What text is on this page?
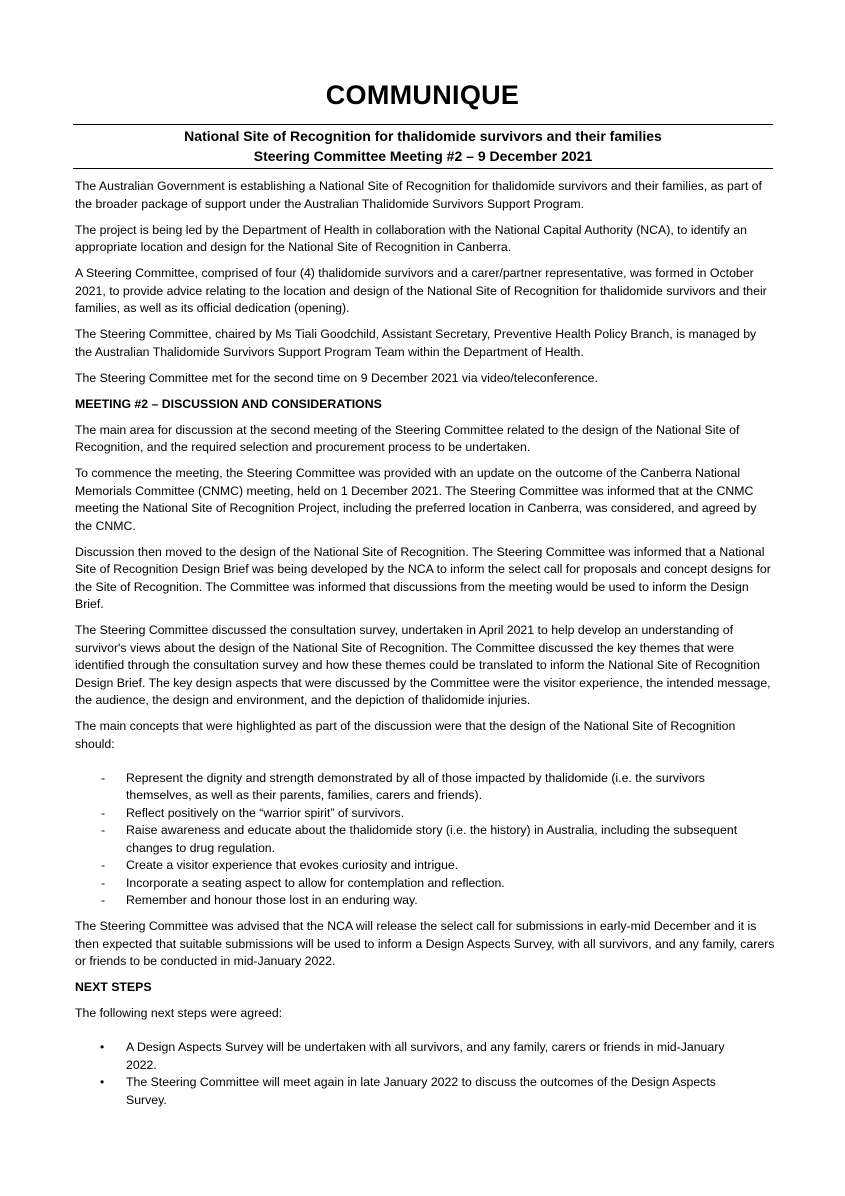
COMMUNIQUE
National Site of Recognition for thalidomide survivors and their families
Steering Committee Meeting #2 – 9 December 2021

The Australian Government is establishing a National Site of Recognition for thalidomide survivors and their families, as part of the broader package of support under the Australian Thalidomide Survivors Support Program.

The project is being led by the Department of Health in collaboration with the National Capital Authority (NCA), to identify an appropriate location and design for the National Site of Recognition in Canberra.

A Steering Committee, comprised of four (4) thalidomide survivors and a carer/partner representative, was formed in October 2021, to provide advice relating to the location and design of the National Site of Recognition for thalidomide survivors and their families, as well as its official dedication (opening).

The Steering Committee, chaired by Ms Tiali Goodchild, Assistant Secretary, Preventive Health Policy Branch, is managed by the Australian Thalidomide Survivors Support Program Team within the Department of Health.

The Steering Committee met for the second time on 9 December 2021 via video/teleconference.

MEETING #2 – DISCUSSION AND CONSIDERATIONS

The main area for discussion at the second meeting of the Steering Committee related to the design of the National Site of Recognition, and the required selection and procurement process to be undertaken.

To commence the meeting, the Steering Committee was provided with an update on the outcome of the Canberra National Memorials Committee (CNMC) meeting, held on 1 December 2021. The Steering Committee was informed that at the CNMC meeting the National Site of Recognition Project, including the preferred location in Canberra, was considered, and agreed by the CNMC.

Discussion then moved to the design of the National Site of Recognition. The Steering Committee was informed that a National Site of Recognition Design Brief was being developed by the NCA to inform the select call for proposals and concept designs for the Site of Recognition. The Committee was informed that discussions from the meeting would be used to inform the Design Brief.

The Steering Committee discussed the consultation survey, undertaken in April 2021 to help develop an understanding of survivor's views about the design of the National Site of Recognition. The Committee discussed the key themes that were identified through the consultation survey and how these themes could be translated to inform the National Site of Recognition Design Brief. The key design aspects that were discussed by the Committee were the visitor experience, the intended message, the audience, the design and environment, and the depiction of thalidomide injuries.

The main concepts that were highlighted as part of the discussion were that the design of the National Site of Recognition should:

- Represent the dignity and strength demonstrated by all of those impacted by thalidomide (i.e. the survivors themselves, as well as their parents, families, carers and friends).
- Reflect positively on the “warrior spirit” of survivors.
- Raise awareness and educate about the thalidomide story (i.e. the history) in Australia, including the subsequent changes to drug regulation.
- Create a visitor experience that evokes curiosity and intrigue.
- Incorporate a seating aspect to allow for contemplation and reflection.
- Remember and honour those lost in an enduring way.

The Steering Committee was advised that the NCA will release the select call for submissions in early-mid December and it is then expected that suitable submissions will be used to inform a Design Aspects Survey, with all survivors, and any family, carers or friends to be conducted in mid-January 2022.

NEXT STEPS

The following next steps were agreed:

• A Design Aspects Survey will be undertaken with all survivors, and any family, carers or friends in mid-January 2022.
• The Steering Committee will meet again in late January 2022 to discuss the outcomes of the Design Aspects Survey.
